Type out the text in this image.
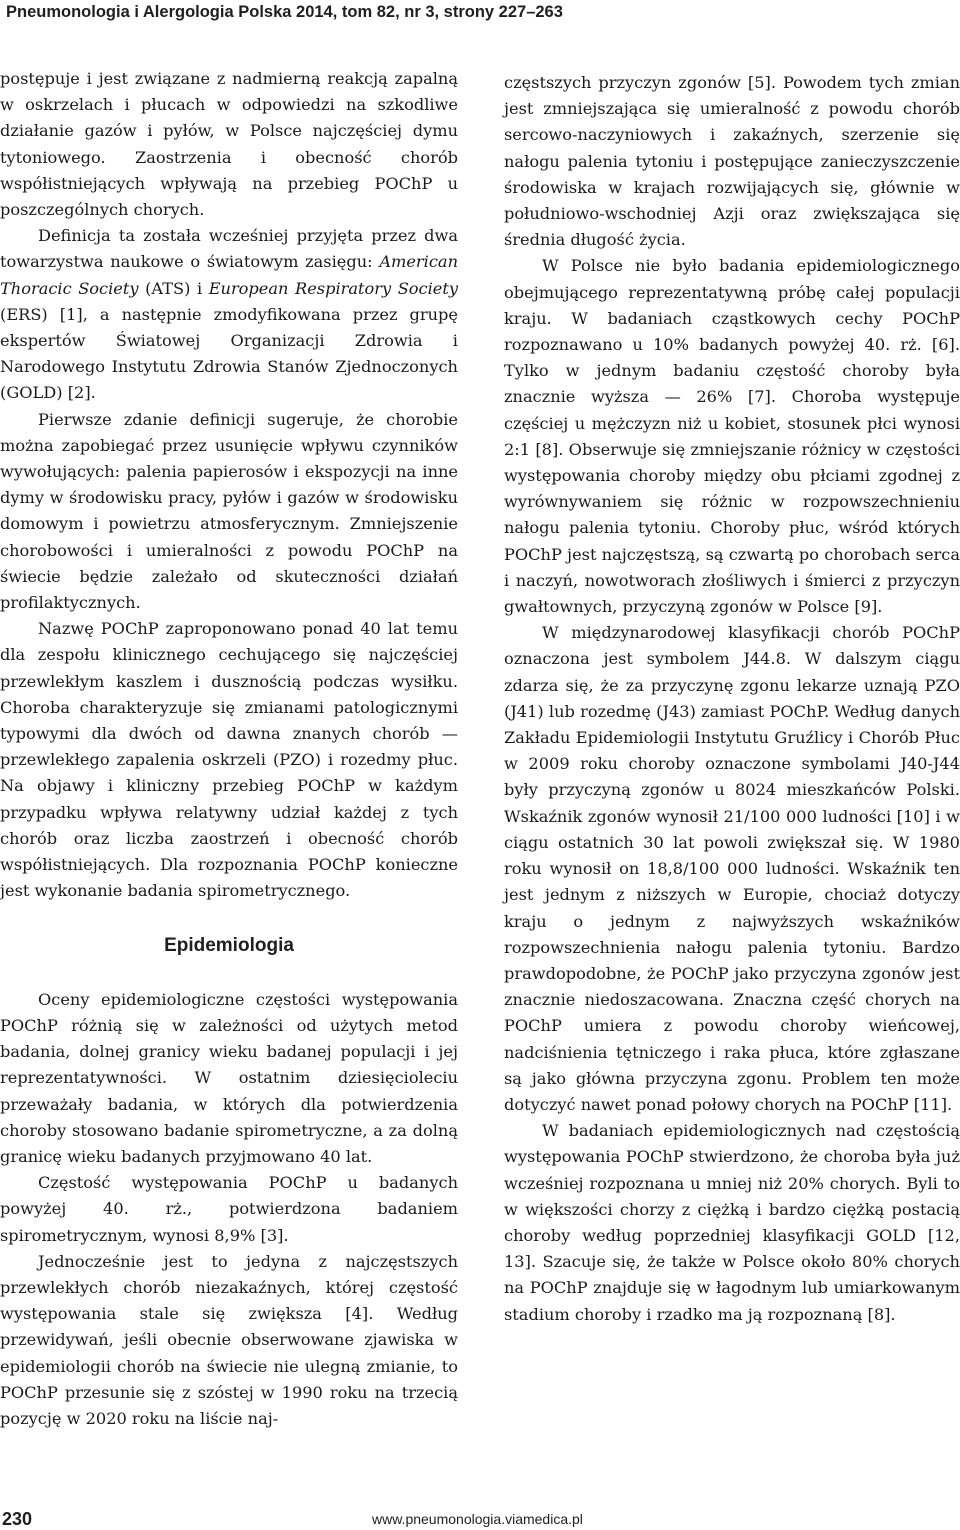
Pneumonologia i Alergologia Polska 2014, tom 82, nr 3, strony 227–263

postępuje i jest związane z nadmierną reakcją zapalną w oskrzelach i płucach w odpowiedzi na szkodliwe działanie gazów i pyłów, w Polsce najczęściej dymu tytoniowego. Zaostrzenia i obecność chorób współistniejących wpływają na przebieg POChP u poszczególnych chorych.

Definicja ta została wcześniej przyjęta przez dwa towarzystwa naukowe o światowym zasięgu: American Thoracic Society (ATS) i European Respiratory Society (ERS) [1], a następnie zmodyfikowana przez grupę ekspertów Światowej Organizacji Zdrowia i Narodowego Instytutu Zdrowia Stanów Zjednoczonych (GOLD) [2].

Pierwsze zdanie definicji sugeruje, że chorobie można zapobiegać przez usunięcie wpływu czynników wywołujących: palenia papierosów i ekspozycji na inne dymy w środowisku pracy, pyłów i gazów w środowisku domowym i powietrzu atmosferycznym. Zmniejszenie chorobowości i umieralności z powodu POChP na świecie będzie zależało od skuteczności działań profilaktycznych.

Nazwę POChP zaproponowano ponad 40 lat temu dla zespołu klinicznego cechującego się najczęściej przewlekłym kaszlem i dusznością podczas wysiłku. Choroba charakteryzuje się zmianami patologicznymi typowymi dla dwóch od dawna znanych chorób — przewlekłego zapalenia oskrzeli (PZO) i rozedmy płuc. Na objawy i kliniczny przebieg POChP w każdym przypadku wpływa relatywny udział każdej z tych chorób oraz liczba zaostrzeń i obecność chorób współistniejących. Dla rozpoznania POChP konieczne jest wykonanie badania spirometrycznego.

Epidemiologia

Oceny epidemiologiczne częstości występowania POChP różnią się w zależności od użytych metod badania, dolnej granicy wieku badanej populacji i jej reprezentatywności. W ostatnim dziesięcioleciu przeważały badania, w których dla potwierdzenia choroby stosowano badanie spirometryczne, a za dolną granicę wieku badanych przyjmowano 40 lat.

Częstość występowania POChP u badanych powyżej 40. rż., potwierdzona badaniem spirometrycznym, wynosi 8,9% [3].

Jednocześnie jest to jedyna z najczęstszych przewlekłych chorób niezakaźnych, której częstość występowania stale się zwiększa [4]. Według przewidywań, jeśli obecnie obserwowane zjawiska w epidemiologii chorób na świecie nie ulegną zmianie, to POChP przesunie się z szóstej w 1990 roku na trzecią pozycję w 2020 roku na liście naj-

częstszych przyczyn zgonów [5]. Powodem tych zmian jest zmniejszająca się umieralność z powodu chorób sercowo-naczyniowych i zakaźnych, szerzenie się nałogu palenia tytoniu i postępujące zanieczyszczenie środowiska w krajach rozwijających się, głównie w południowo-wschodniej Azji oraz zwiększająca się średnia długość życia.

W Polsce nie było badania epidemiologicznego obejmującego reprezentatywną próbę całej populacji kraju. W badaniach cząstkowych cechy POChP rozpoznawano u 10% badanych powyżej 40. rż. [6]. Tylko w jednym badaniu częstość choroby była znacznie wyższa — 26% [7]. Choroba występuje częściej u mężczyzn niż u kobiet, stosunek płci wynosi 2:1 [8]. Obserwuje się zmniejszanie różnicy w częstości występowania choroby między obu płciami zgodnej z wyrównywaniem się różnic w rozpowszechnieniu nałogu palenia tytoniu. Choroby płuc, wśród których POChP jest najczęstszą, są czwartą po chorobach serca i naczyń, nowotworach złośliwych i śmierci z przyczyn gwałtownych, przyczyną zgonów w Polsce [9].

W międzynarodowej klasyfikacji chorób POChP oznaczona jest symbolem J44.8. W dalszym ciągu zdarza się, że za przyczynę zgonu lekarze uznają PZO (J41) lub rozedmę (J43) zamiast POChP. Według danych Zakładu Epidemiologii Instytutu Gruźlicy i Chorób Płuc w 2009 roku choroby oznaczone symbolami J40-J44 były przyczyną zgonów u 8024 mieszkańców Polski. Wskaźnik zgonów wynosił 21/100 000 ludności [10] i w ciągu ostatnich 30 lat powoli zwiększał się. W 1980 roku wynosił on 18,8/100 000 ludności. Wskaźnik ten jest jednym z niższych w Europie, chociaż dotyczy kraju o jednym z najwyższych wskaźników rozpowszechnienia nałogu palenia tytoniu. Bardzo prawdopodobne, że POChP jako przyczyna zgonów jest znacznie niedoszacowana. Znaczna część chorych na POChP umiera z powodu choroby wieńcowej, nadciśnienia tętniczego i raka płuca, które zgłaszane są jako główna przyczyna zgonu. Problem ten może dotyczyć nawet ponad połowy chorych na POChP [11].

W badaniach epidemiologicznych nad częstością występowania POChP stwierdzono, że choroba była już wcześniej rozpoznana u mniej niż 20% chorych. Byli to w większości chorzy z ciężką i bardzo ciężką postacią choroby według poprzedniej klasyfikacji GOLD [12, 13]. Szacuje się, że także w Polsce około 80% chorych na POChP znajduje się w łagodnym lub umiarkowanym stadium choroby i rzadko ma ją rozpoznaną [8].

230	www.pneumonologia.viamedica.pl
